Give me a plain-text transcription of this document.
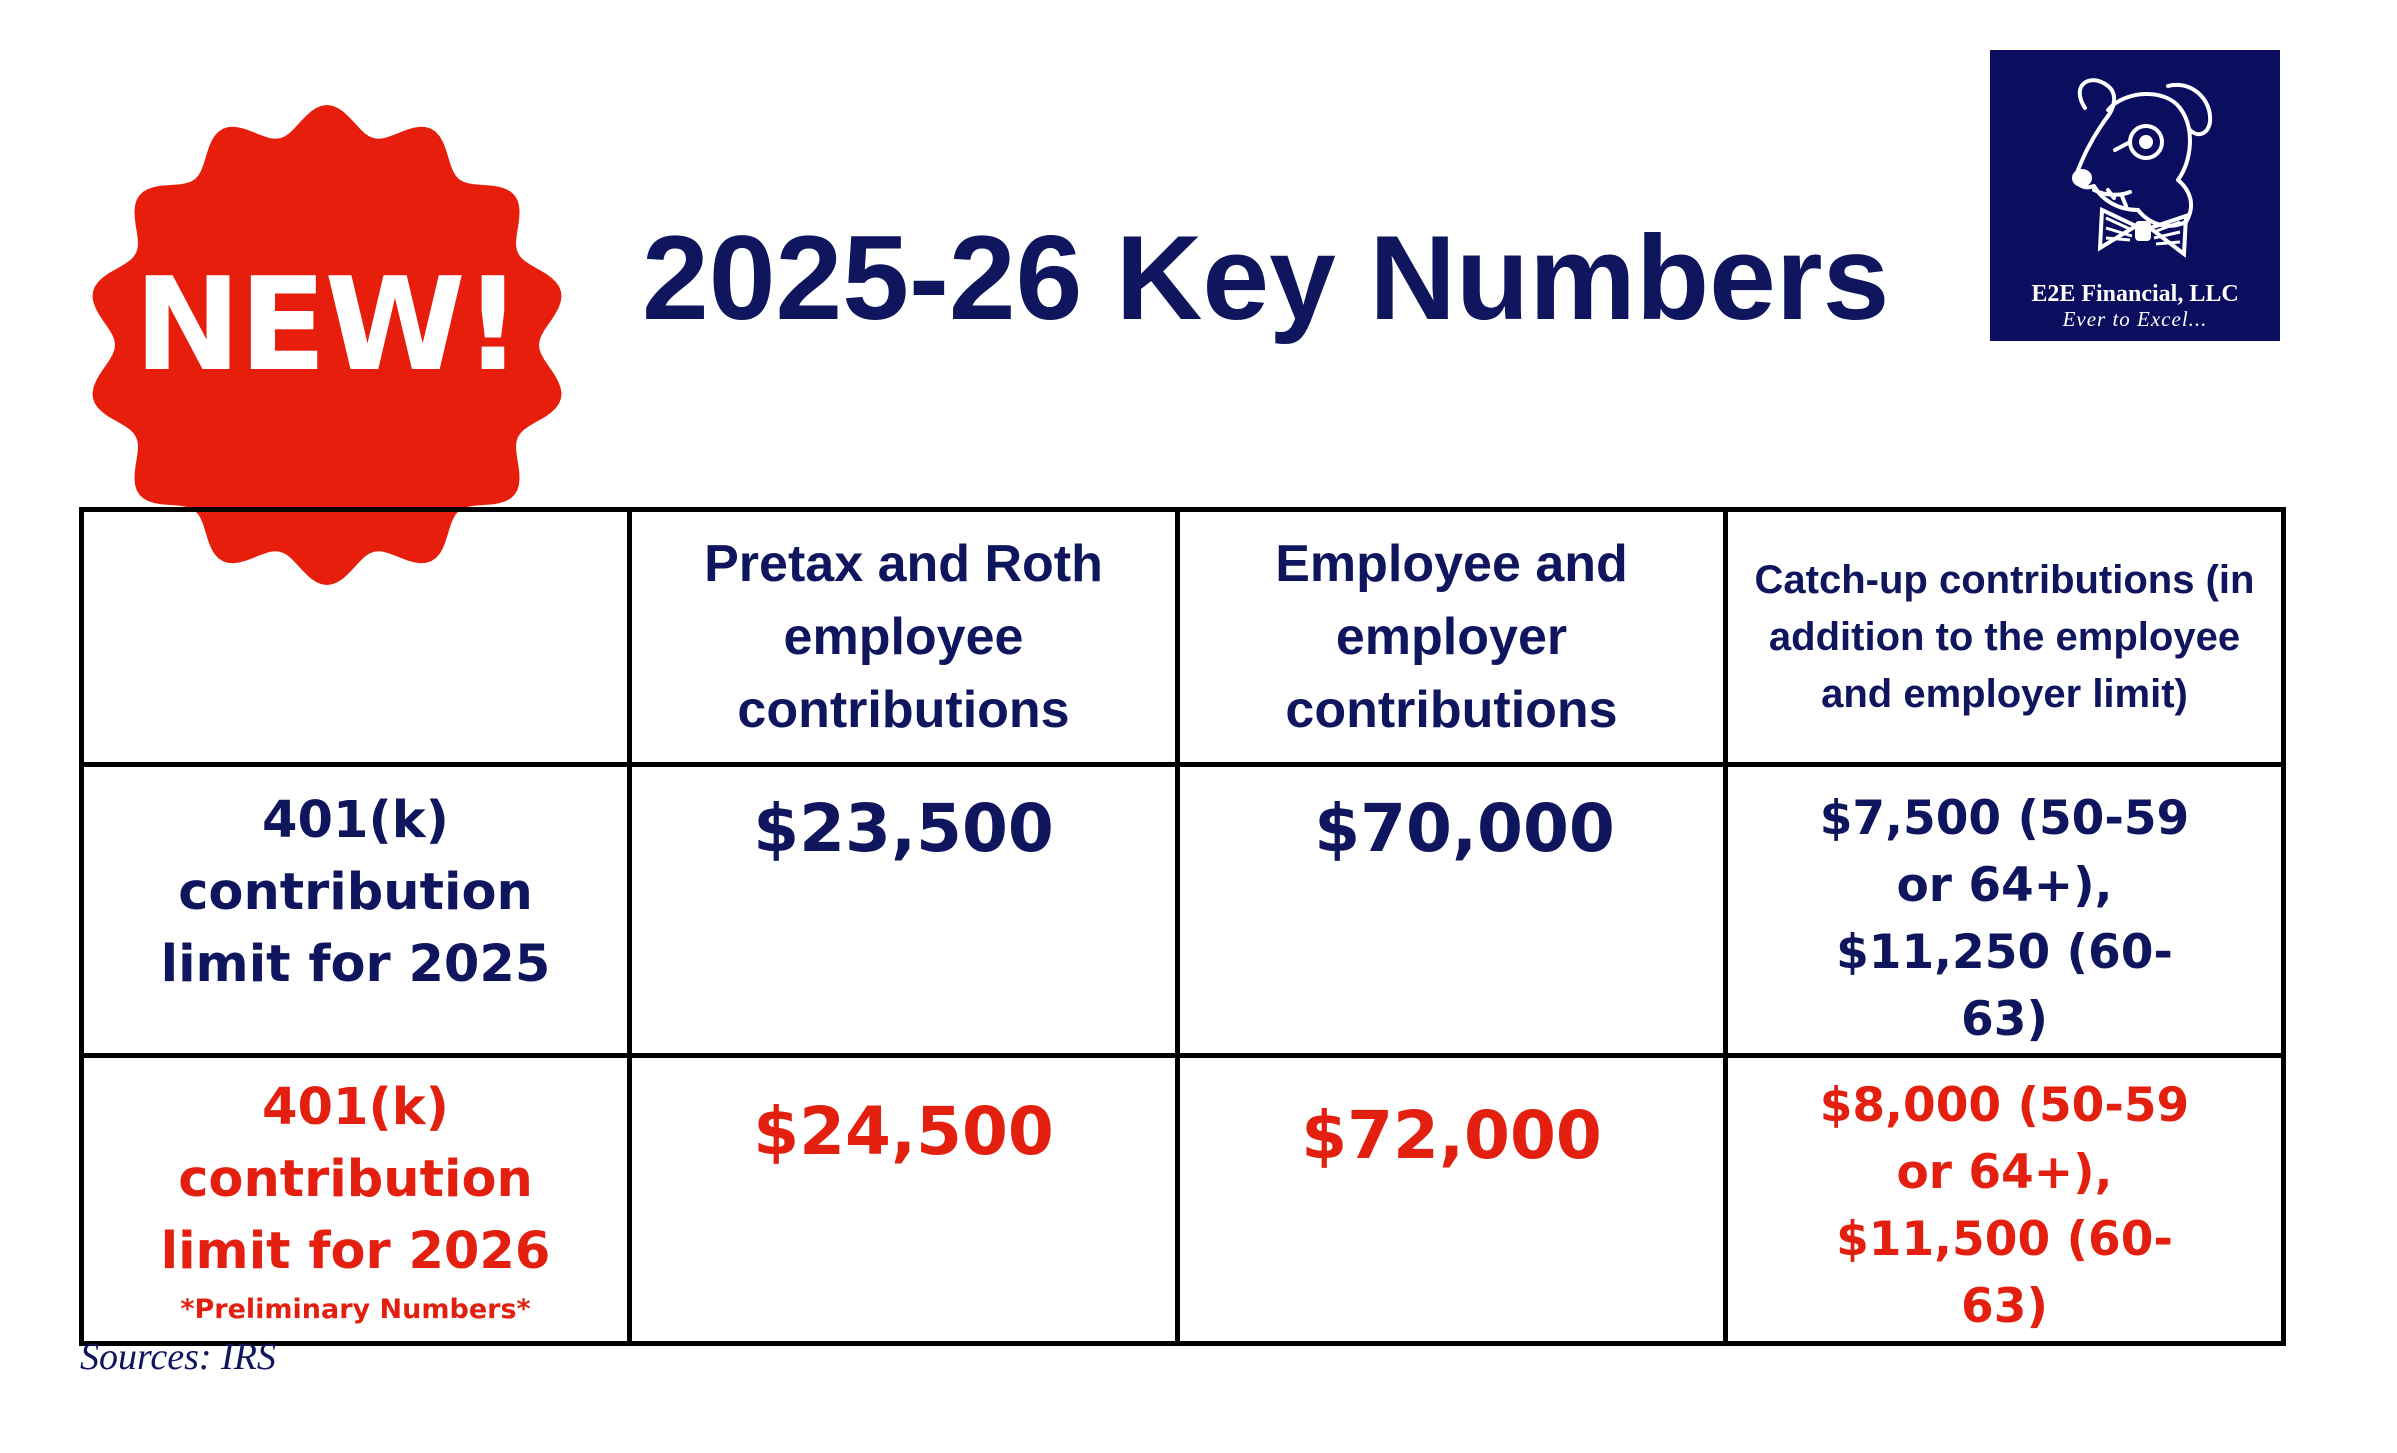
NEW!	2025-26 Key Numbers	E2E Financial, LLC
Ever to Excel...

	Pretax and Roth employee contributions	Employee and employer contributions	Catch-up contributions (in addition to the employee and employer limit)

401(k) contribution limit for 2025	$23,500	$70,000	$7,500 (50-59 or 64+), $11,250 (60-63)

401(k) contribution limit for 2026
*Preliminary Numbers*	$24,500	$72,000	$8,000 (50-59 or 64+), $11,500 (60-63)
Sources: IRS
